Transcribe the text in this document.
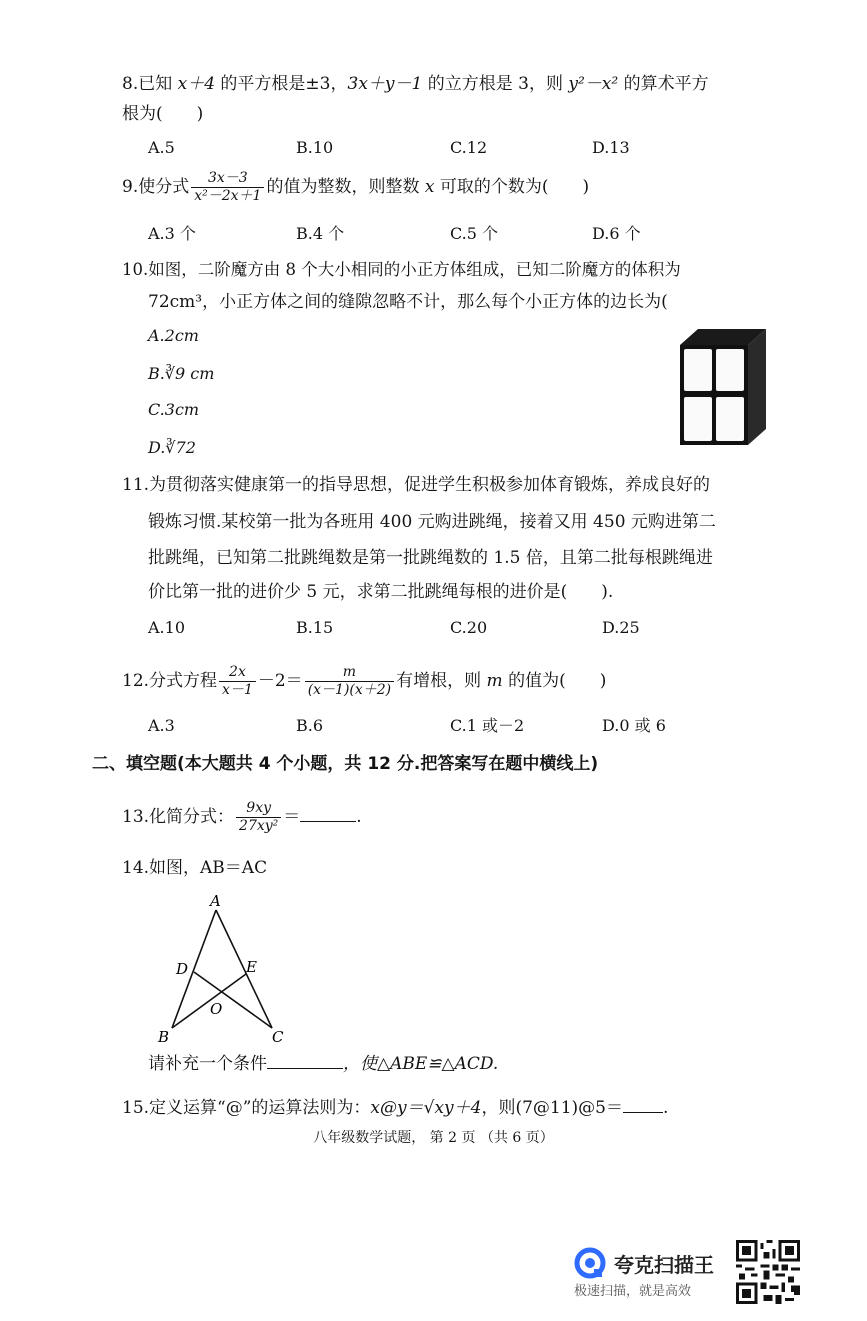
8.已知 x＋4 的平方根是±3，3x＋y－1 的立方根是 3，则 y²－x² 的算术平方
根为(　　)
A.5	B.10	C.12	D.13
9.使分式 $\frac{3x-3}{\text{x²－2x＋1}}$ 的值为整数，则整数 x 可取的个数为(　　)
A.3 个	B.4 个	C.5 个	D.6 个
10.如图，二阶魔方由 8 个大小相同的小正方体组成，已知二阶魔方的体积为
72cm³，小正方体之间的缝隙忽略不计，那么每个小正方体的边长为(
A.2cm
B.∛9 cm
C.3cm
D.∛72
11.为贯彻落实健康第一的指导思想，促进学生积极参加体育锻炼，养成良好的
锻炼习惯.某校第一批为各班用 400 元购进跳绳，接着又用 450 元购进第二
批跳绳，已知第二批跳绳数是第一批跳绳数的 1.5 倍，且第二批每根跳绳进
价比第一批的进价少 5 元，求第二批跳绳每根的进价是(　　).
A.10	B.15	C.20	D.25
12.分式方程 $\frac{2x}{x-1} -2= \frac{m}{(x-1)(x+2)}$ 有增根，则 m 的值为(　　)
A.3	B.6	C.1 或－2	D.0 或 6
二、填空题(本大题共 4 个小题，共 12 分.把答案写在题中横线上)
13.化简分式： $\frac{9xy}{\text{27xy²}}$ ＝	.
14.如图，AB＝AC
A
D	E
O
B	C
请补充一个条件	，使△ABE≌△ACD.
15.定义运算“@”的运算法则为：x@y＝√xy＋4，则(7@11)@5＝ .
八年级数学试题， 第 2 页 （共 6 页）
夸克扫描王
极速扫描，就是高效
